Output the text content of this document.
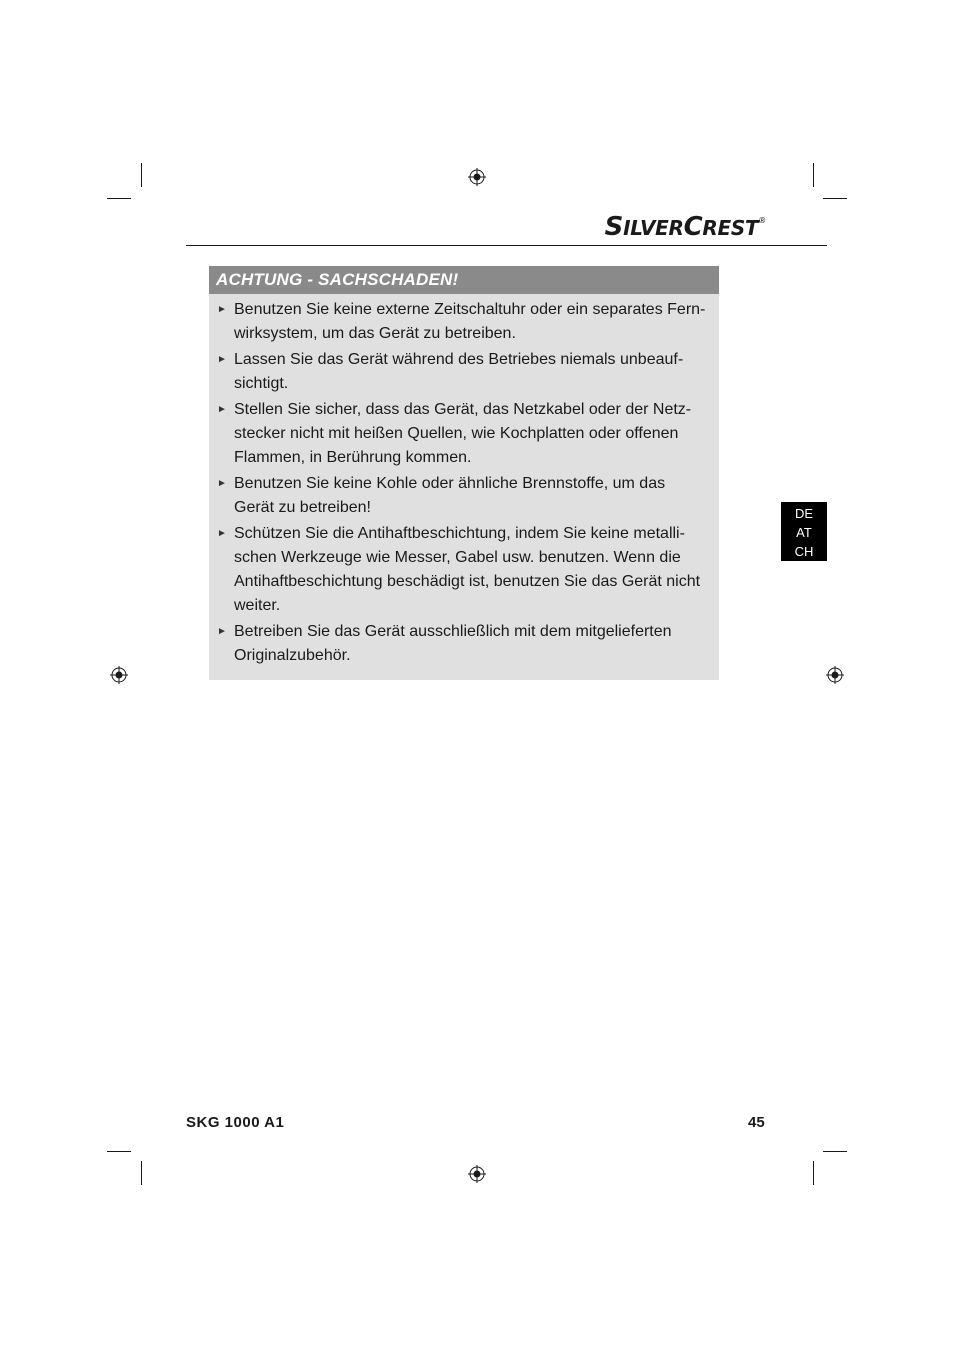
SILVERCREST®
ACHTUNG - SACHSCHADEN!
► Benutzen Sie keine externe Zeitschaltuhr oder ein separates Fern-
wirksystem, um das Gerät zu betreiben.
► Lassen Sie das Gerät während des Betriebes niemals unbeauf-
sichtigt.
► Stellen Sie sicher, dass das Gerät, das Netzkabel oder der Netz-
stecker nicht mit heißen Quellen, wie Kochplatten oder offenen
Flammen, in Berührung kommen.
► Benutzen Sie keine Kohle oder ähnliche Brennstoffe, um das
Gerät zu betreiben!
► Schützen Sie die Antihaftbeschichtung, indem Sie keine metalli-
schen Werkzeuge wie Messer, Gabel usw. benutzen. Wenn die
Antihaftbeschichtung beschädigt ist, benutzen Sie das Gerät nicht
weiter.
► Betreiben Sie das Gerät ausschließlich mit dem mitgelieferten
Originalzubehör.
DE
AT
CH
SKG 1000 A1	45
